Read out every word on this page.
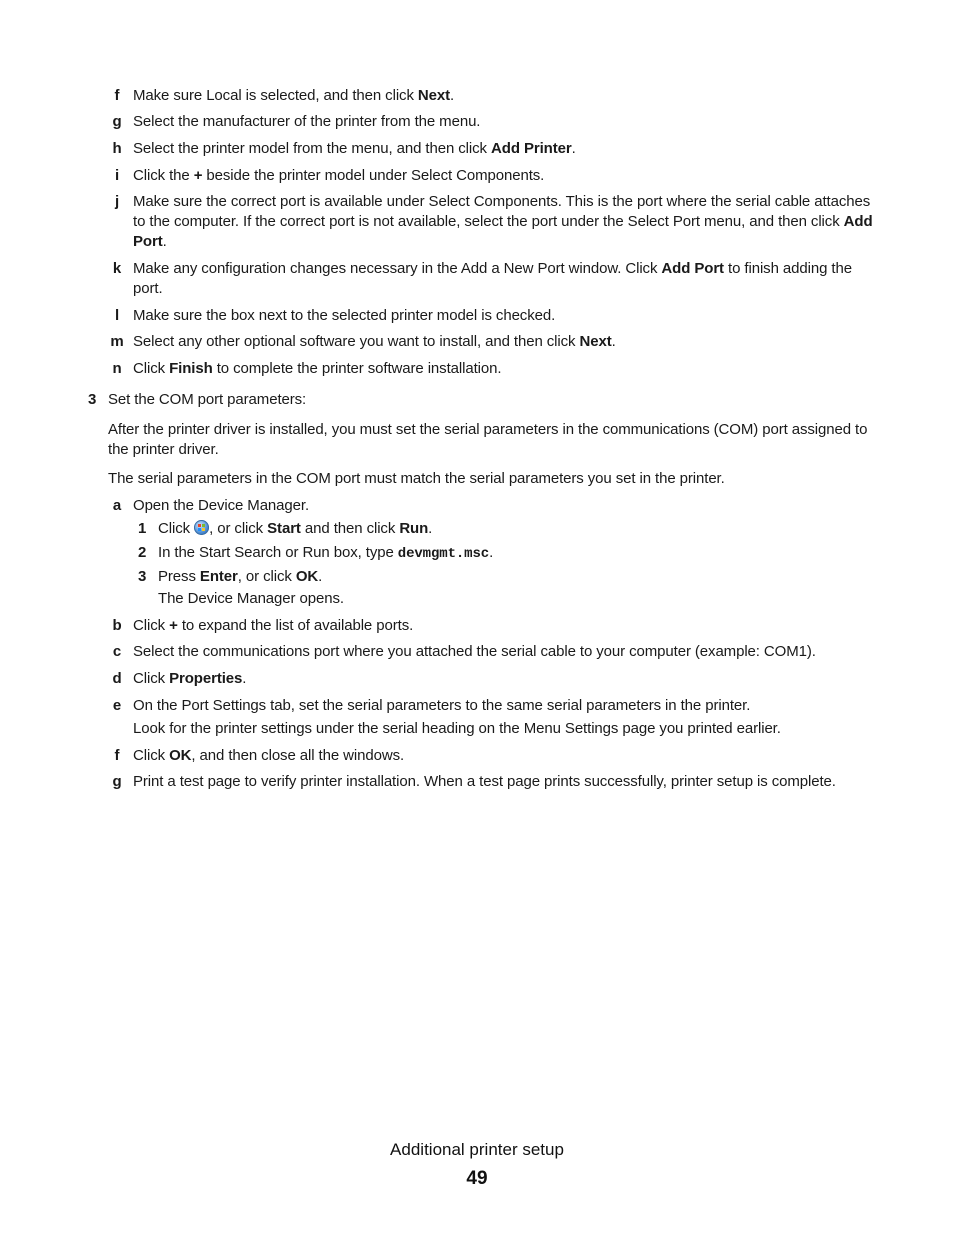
f Make sure Local is selected, and then click Next.
g Select the manufacturer of the printer from the menu.
h Select the printer model from the menu, and then click Add Printer.
i Click the + beside the printer model under Select Components.
j Make sure the correct port is available under Select Components. This is the port where the serial cable attaches to the computer. If the correct port is not available, select the port under the Select Port menu, and then click Add Port.
k Make any configuration changes necessary in the Add a New Port window. Click Add Port to finish adding the port.
l Make sure the box next to the selected printer model is checked.
m Select any other optional software you want to install, and then click Next.
n Click Finish to complete the printer software installation.
3 Set the COM port parameters:
After the printer driver is installed, you must set the serial parameters in the communications (COM) port assigned to the printer driver.
The serial parameters in the COM port must match the serial parameters you set in the printer.
a Open the Device Manager.
1 Click , or click Start and then click Run.
2 In the Start Search or Run box, type devmgmt.msc.
3 Press Enter, or click OK.
The Device Manager opens.
b Click + to expand the list of available ports.
c Select the communications port where you attached the serial cable to your computer (example: COM1).
d Click Properties.
e On the Port Settings tab, set the serial parameters to the same serial parameters in the printer.
Look for the printer settings under the serial heading on the Menu Settings page you printed earlier.
f Click OK, and then close all the windows.
g Print a test page to verify printer installation. When a test page prints successfully, printer setup is complete.
Additional printer setup
49
